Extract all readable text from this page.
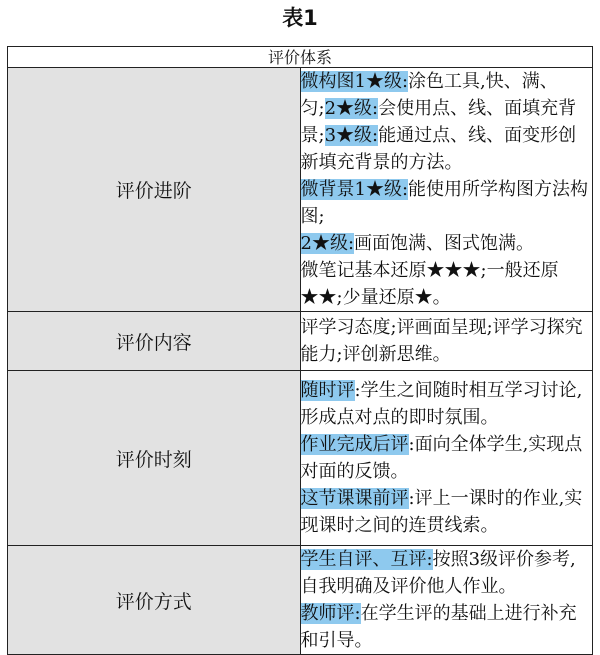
表1
评价体系	
评价进阶	微构图1★级:涂色工具,快、满、匀;2★级:会使用点、线、面填充背景;3★级:能通过点、线、面变形创新填充背景的方法。

微背景1★级:能使用所学构图方法构图;

2★级:画面饱满、图式饱满。

微笔记基本还原★★★;一般还原★★;少量还原★。

评价内容	评学习态度;评画面呈现;评学习探究能力;评创新思维。
评价时刻	随时评:学生之间随时相互学习讨论,形成点对点的即时氛围。

作业完成后评:面向全体学生,实现点对面的反馈。

这节课课前评:评上一课时的作业,实现课时之间的连贯线索。

评价方式	学生自评、互评:按照3级评价参考,自我明确及评价他人作业。

教师评:在学生评的基础上进行补充和引导。
